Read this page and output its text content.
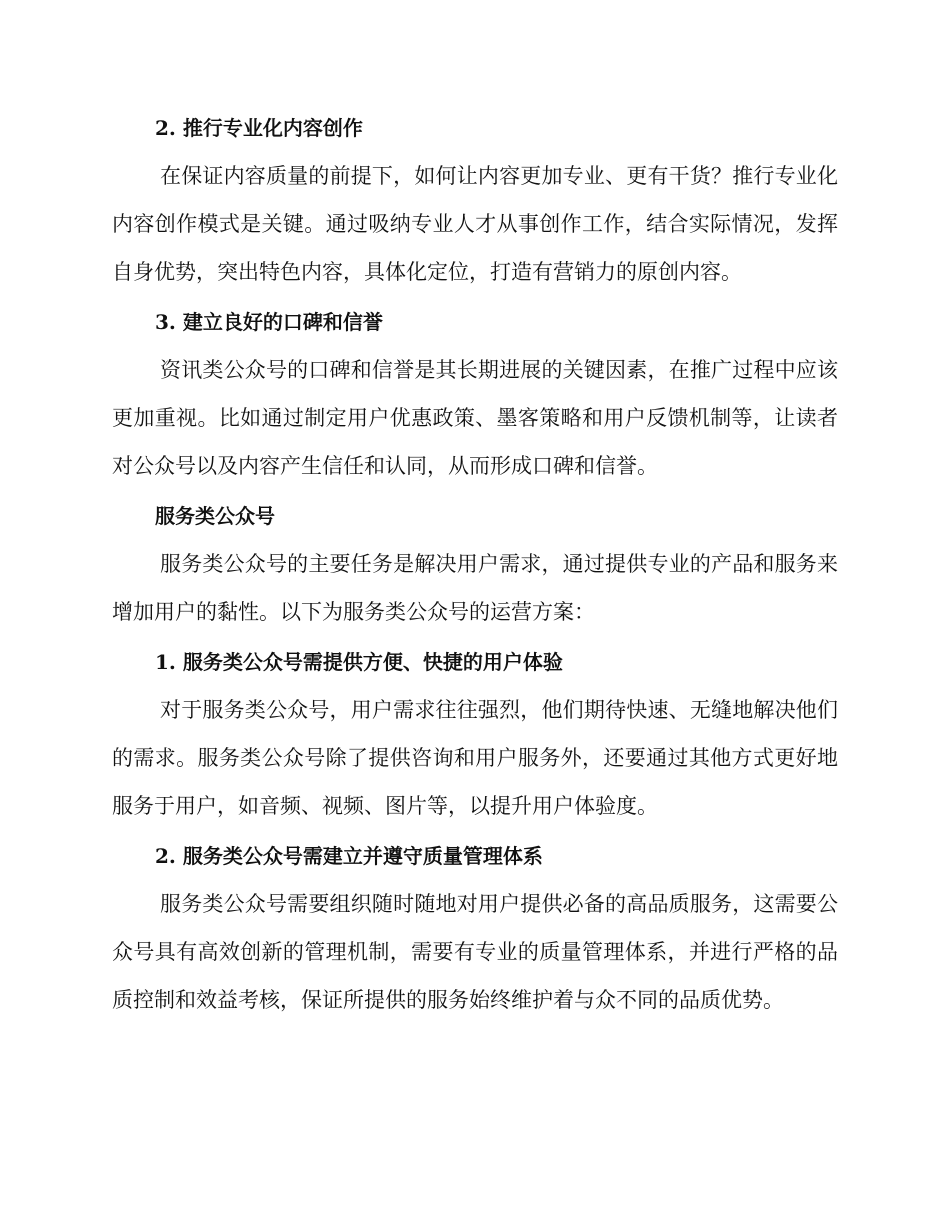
2. 推行专业化内容创作

在保证内容质量的前提下，如何让内容更加专业、更有干货？推行专业化内容创作模式是关键。通过吸纳专业人才从事创作工作，结合实际情况，发挥自身优势，突出特色内容，具体化定位，打造有营销力的原创内容。

3. 建立良好的口碑和信誉

资讯类公众号的口碑和信誉是其长期进展的关键因素，在推广过程中应该更加重视。比如通过制定用户优惠政策、墨客策略和用户反馈机制等，让读者对公众号以及内容产生信任和认同，从而形成口碑和信誉。

服务类公众号

服务类公众号的主要任务是解决用户需求，通过提供专业的产品和服务来增加用户的黏性。以下为服务类公众号的运营方案：

1. 服务类公众号需提供方便、快捷的用户体验

对于服务类公众号，用户需求往往强烈，他们期待快速、无缝地解决他们的需求。服务类公众号除了提供咨询和用户服务外，还要通过其他方式更好地服务于用户，如音频、视频、图片等，以提升用户体验度。

2. 服务类公众号需建立并遵守质量管理体系

服务类公众号需要组织随时随地对用户提供必备的高品质服务，这需要公众号具有高效创新的管理机制，需要有专业的质量管理体系，并进行严格的品质控制和效益考核，保证所提供的服务始终维护着与众不同的品质优势。
